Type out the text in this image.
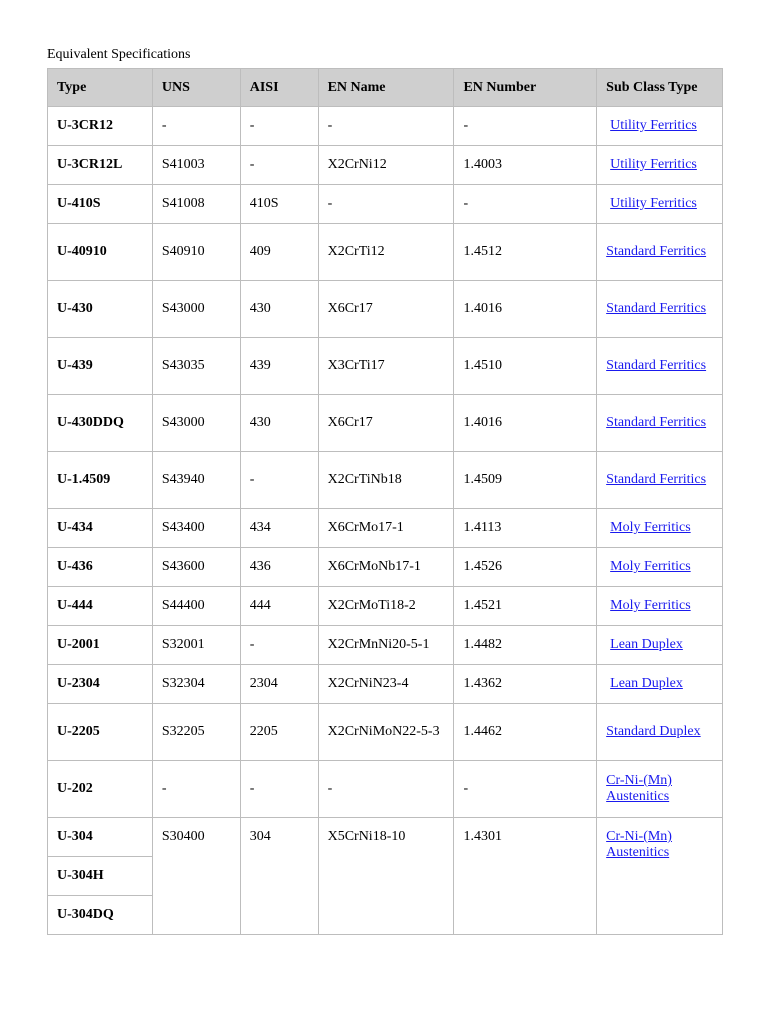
Equivalent Specifications
Type	UNS	AISI	EN Name	EN Number	Sub Class Type
U-3CR12	-	-	-	-	Utility Ferritics
U-3CR12L	S41003	-	X2CrNi12	1.4003	Utility Ferritics
U-410S	S41008	410S	-	-	Utility Ferritics
U-40910	S40910	409	X2CrTi12	1.4512	Standard Ferritics
U-430	S43000	430	X6Cr17	1.4016	Standard Ferritics
U-439	S43035	439	X3CrTi17	1.4510	Standard Ferritics
U-430DDQ	S43000	430	X6Cr17	1.4016	Standard Ferritics
U-1.4509	S43940	-	X2CrTiNb18	1.4509	Standard Ferritics
U-434	S43400	434	X6CrMo17-1	1.4113	Moly Ferritics
U-436	S43600	436	X6CrMoNb17-1	1.4526	Moly Ferritics
U-444	S44400	444	X2CrMoTi18-2	1.4521	Moly Ferritics
U-2001	S32001	-	X2CrMnNi20-5-1	1.4482	Lean Duplex
U-2304	S32304	2304	X2CrNiN23-4	1.4362	Lean Duplex
U-2205	S32205	2205	X2CrNiMoN22-5-3	1.4462	Standard Duplex
U-202	-	-	-	-	Cr-Ni-(Mn) Austenitics
U-304	S30400	304	X5CrNi18-10	1.4301	Cr-Ni-(Mn) Austenitics
U-304H					
U-304DQ					
